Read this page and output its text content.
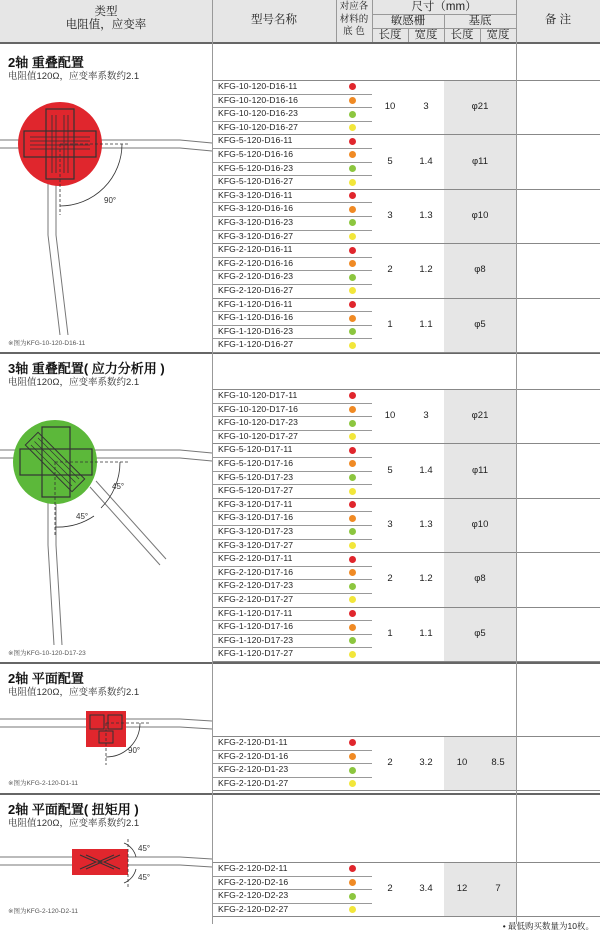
类型
电阻值，应变率	型号名称
对应各
材料的
底 色
尺寸（mm）
敏感栅	基底
长度	宽度	长度	宽度
备 注
2轴 重叠配置
电阻值120Ω，应变率系数约2.1
90°
※图为KFG-10-120-D16-11
3轴 重叠配置( 应力分析用 )
电阻值120Ω，应变率系数约2.1
45°
45°
※图为KFG-10-120-D17-23
2轴 平面配置
电阻值120Ω，应变率系数约2.1
90°
※图为KFG-2-120-D1-11
2轴 平面配置( 扭矩用 )
电阻值120Ω，应变率系数约2.1
45°
45°
※图为KFG-2-120-D2-11
KFG-10-120-D16-11
KFG-10-120-D16-16
KFG-10-120-D16-23
KFG-10-120-D16-27
10	3	φ21
KFG-5-120-D16-11
KFG-5-120-D16-16
KFG-5-120-D16-23
KFG-5-120-D16-27
5	1.4	φ11
KFG-3-120-D16-11
KFG-3-120-D16-16
KFG-3-120-D16-23
KFG-3-120-D16-27
3	1.3	φ10
KFG-2-120-D16-11
KFG-2-120-D16-16
KFG-2-120-D16-23
KFG-2-120-D16-27
2	1.2	φ8
KFG-1-120-D16-11
KFG-1-120-D16-16
KFG-1-120-D16-23
KFG-1-120-D16-27
1	1.1	φ5
KFG-10-120-D17-11
KFG-10-120-D17-16
KFG-10-120-D17-23
KFG-10-120-D17-27
10	3	φ21
KFG-5-120-D17-11
KFG-5-120-D17-16
KFG-5-120-D17-23
KFG-5-120-D17-27
5	1.4	φ11
KFG-3-120-D17-11
KFG-3-120-D17-16
KFG-3-120-D17-23
KFG-3-120-D17-27
3	1.3	φ10
KFG-2-120-D17-11
KFG-2-120-D17-16
KFG-2-120-D17-23
KFG-2-120-D17-27
2	1.2	φ8
KFG-1-120-D17-11
KFG-1-120-D17-16
KFG-1-120-D17-23
KFG-1-120-D17-27
1	1.1	φ5
KFG-2-120-D1-11
KFG-2-120-D1-16
KFG-2-120-D1-23
KFG-2-120-D1-27
2	3.2	10	8.5
KFG-2-120-D2-11
KFG-2-120-D2-16
KFG-2-120-D2-23
KFG-2-120-D2-27
2	3.4	12	7
• 最低购买数量为10枚。
